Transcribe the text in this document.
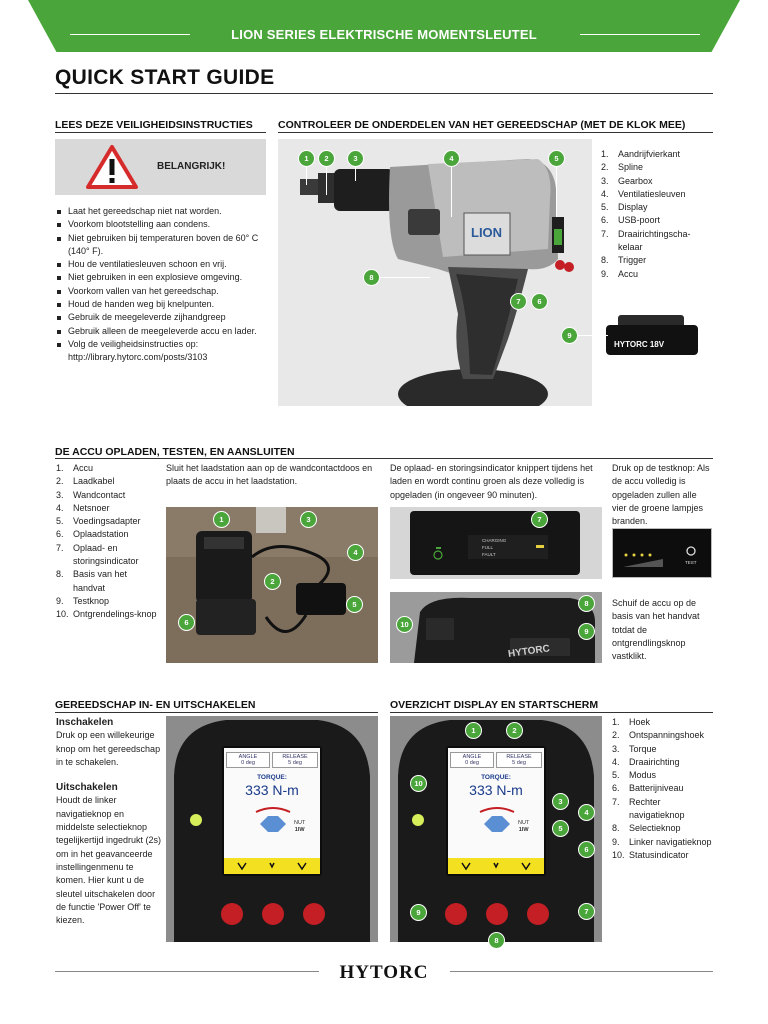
LION SERIES ELEKTRISCHE MOMENTSLEUTEL
QUICK START GUIDE
LEES DEZE VEILIGHEIDSINSTRUCTIES
BELANGRIJK!
Laat het gereedschap niet nat worden.
Voorkom blootstelling aan condens.
Niet gebruiken bij temperaturen boven de 60° C (140° F).
Hou de ventilatiesleuven schoon en vrij.
Niet gebruiken in een explosieve omgeving.
Voorkom vallen van het gereedschap.
Houd de handen weg bij knelpunten.
Gebruik de meegeleverde zijhandgreep
Gebruik alleen de meegeleverde accu en lader.
Volg de veiligheidsinstructies op: http://library.hytorc.com/posts/3103
CONTROLEER DE ONDERDELEN VAN HET GEREEDSCHAP (MET DE KLOK MEE)
LION
HYTORC 18V
1	2	3	4	5
6
7
8
9
1.	Aandrijfvierkant
2.	Spline
3.	Gearbox
4.	Ventilatiesleuven
5.	Display
6.	USB-poort
7.	Draairichtingscha-kelaar
8.	Trigger
9.	Accu
DE ACCU OPLADEN, TESTEN, EN AANSLUITEN
1.	Accu
2.	Laadkabel
3.	Wandcontact
4.	Netsnoer
5.	Voedingsadapter
6.	Oplaadstation
7.	Oplaad- en storingsindicator
8.	Basis van het handvat
9.	Testknop
10. Ontgrendelings-knop
Sluit het laadstation aan op de wandcontactdoos en plaats de accu in het laadstation.
1	3
4
2
5
6
De oplaad- en storingsindicator knippert tijdens het laden en wordt continu groen als deze volledig is opgeladen (in ongeveer 90 minuten).
CHARGING
FULL
FAULT
7
HYTORC
10
8
9
Druk op de testknop: Als de accu volledig is opgeladen zullen alle vier de groene lampjes branden.
TEST
Schuif de accu op de basis van het handvat totdat de ontgrendlingsknop vastklikt.
GEREEDSCHAP IN- EN UITSCHAKELEN
Inschakelen
Druk op een willekeurige knop om het gereedschap in te schakelen.
Uitschakelen
Houdt de linker navigatieknop en middelste selectieknop tegelijkertijd ingedrukt (2s) om in het geavanceerde instellingenmenu te komen. Hier kunt u de sleutel uitschakelen door de functie 'Power Off' te kiezen.
ANGLE
0 deg
RELEASE
5 deg
TORQUE:
333 N-m
NUT
1IW
OVERZICHT DISPLAY EN STARTSCHERM
ANGLE
0 deg
RELEASE
5 deg
TORQUE:
333 N-m
NUT
1IW
1	2
10
3
4
5
6
7
8
9
1.	Hoek
2.	Ontspanningshoek
3.	Torque
4.	Draairichting
5.	Modus
6.	Batterijniveau
7.	Rechter navigatieknop
8.	Selectieknop
9.	Linker navigatieknop
10. Statusindicator
HYTORC
